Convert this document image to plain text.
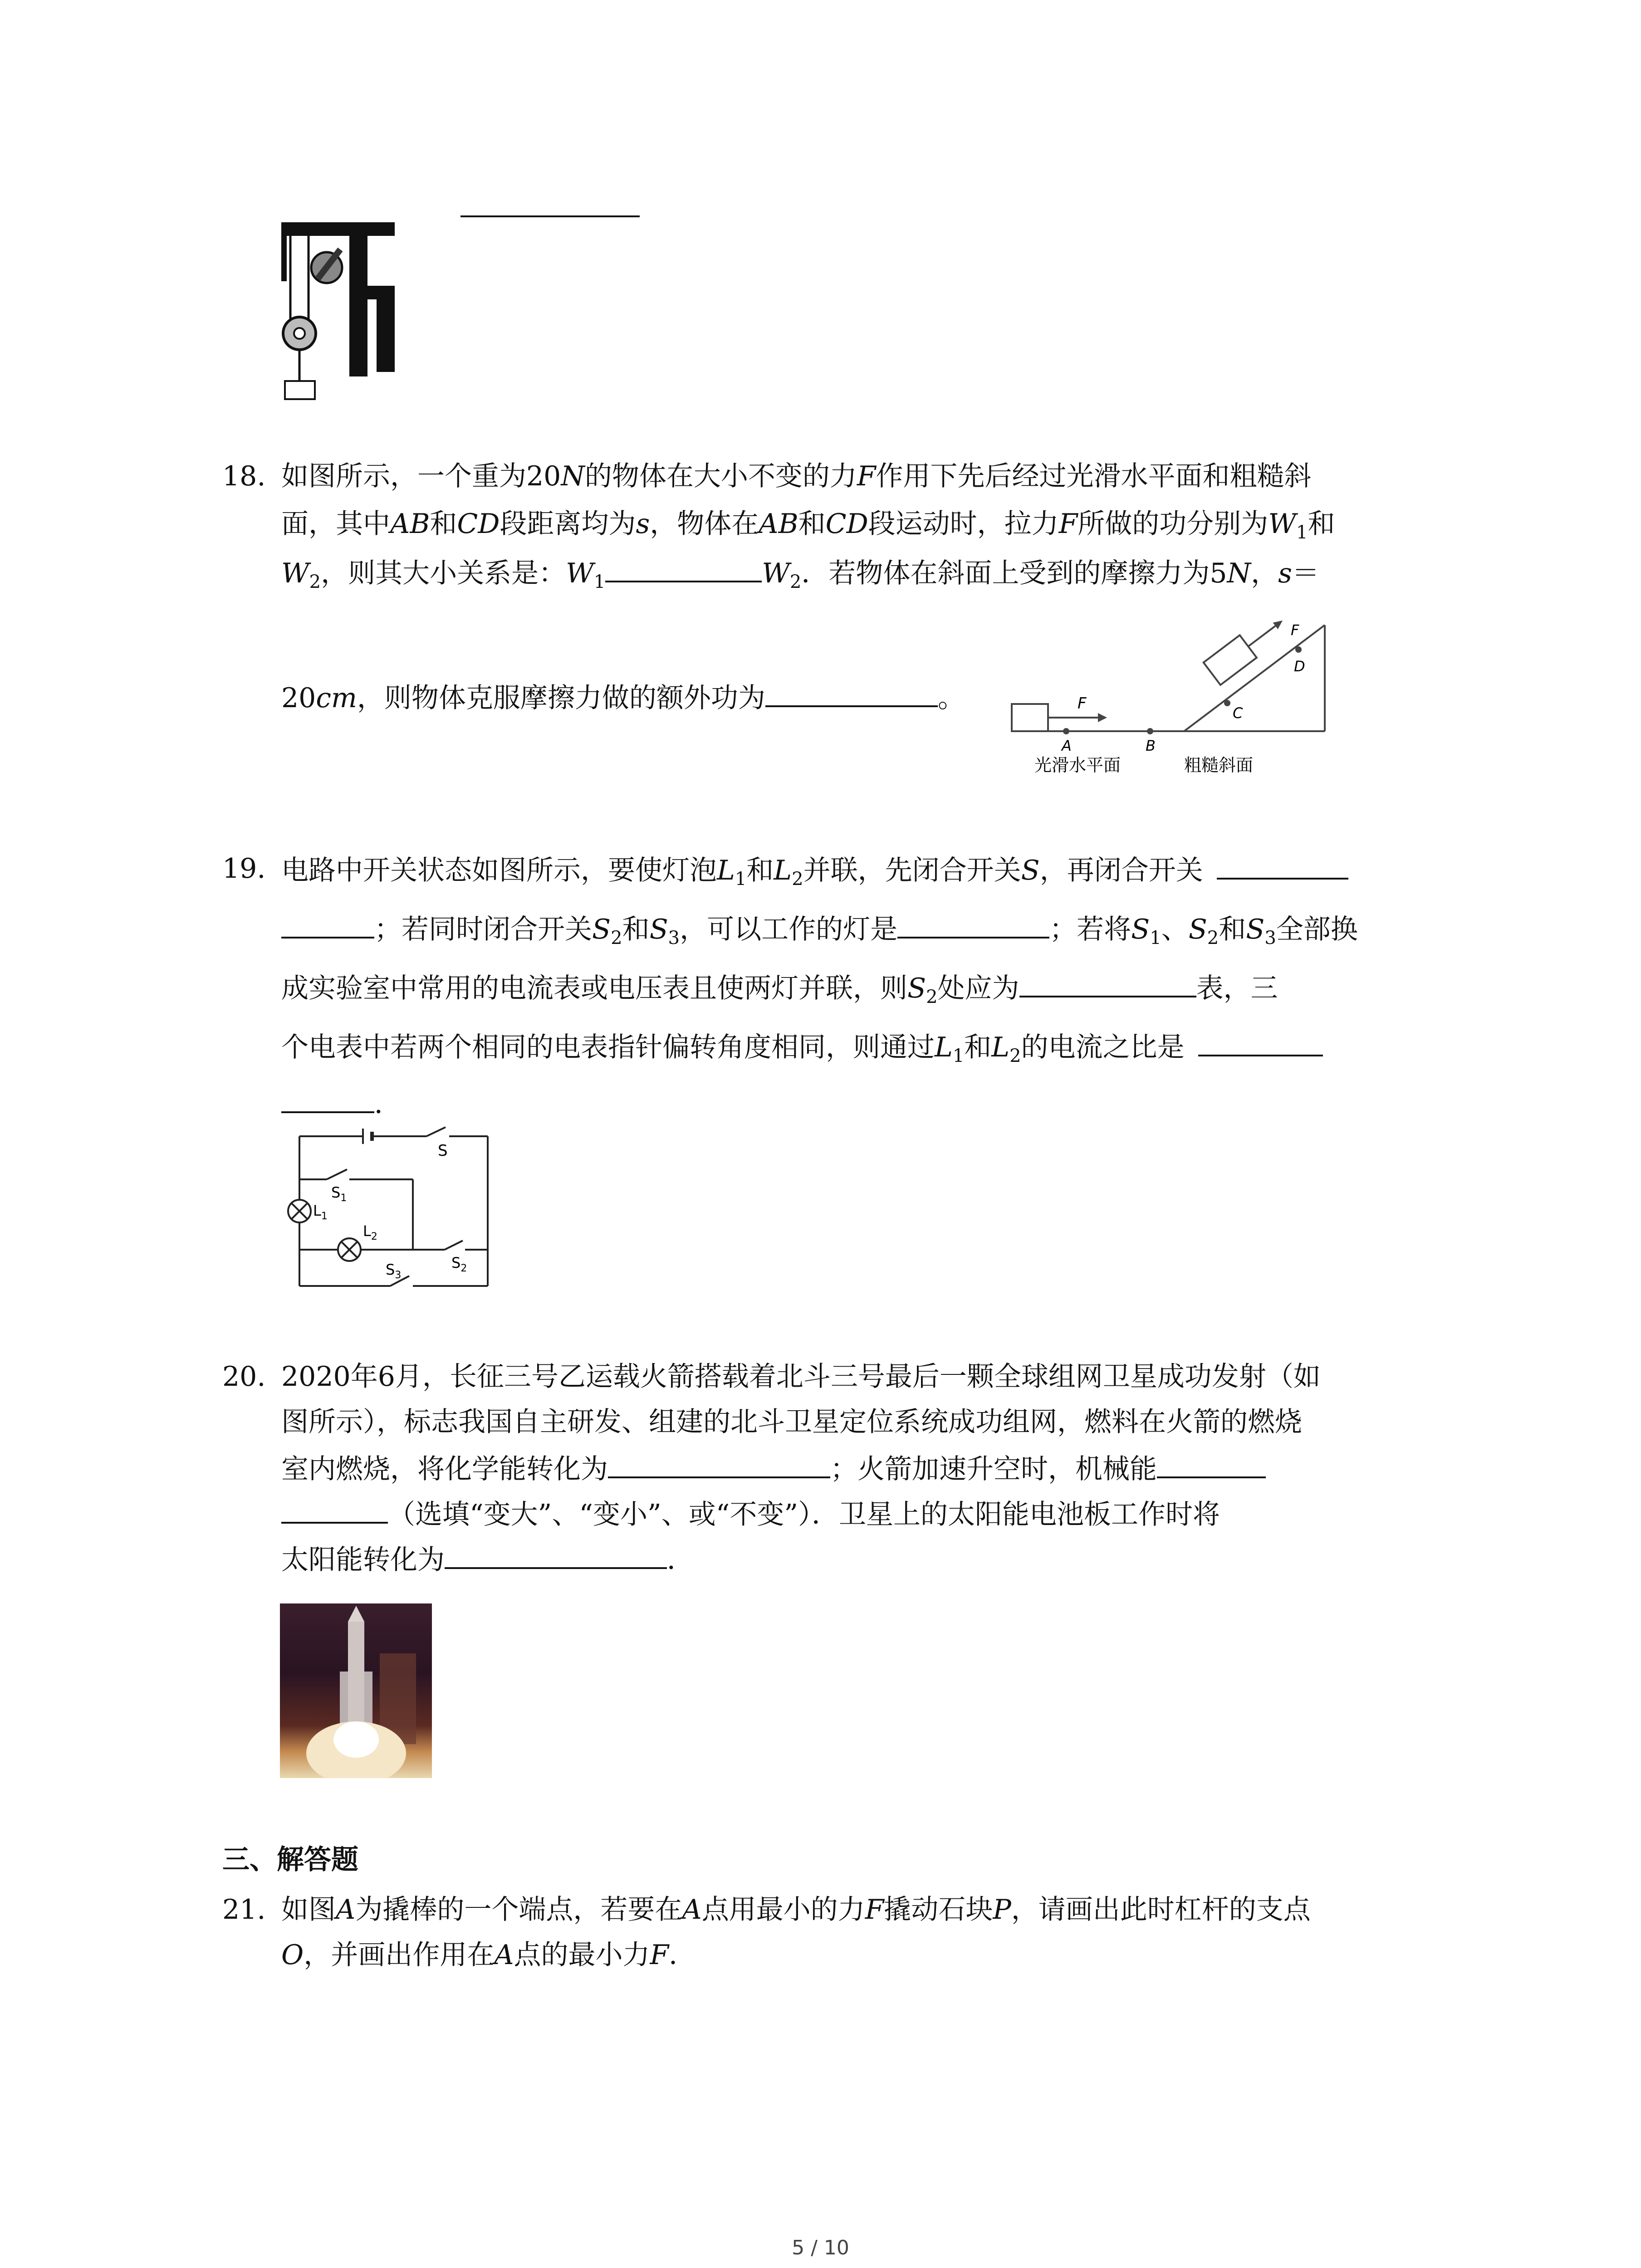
18. 如图所示，一个重为20N的物体在大小不变的力F作用下先后经过光滑水平面和粗糙斜
面，其中AB和CD段距离均为s，物体在AB和CD段运动时，拉力F所做的功分别为$W_1$和
$W_2$，则其大小关系是：$W_1$	$W_2$．若物体在斜面上受到的摩擦力为5N，s＝
20cm，则物体克服摩擦力做的额外功为	。	F
A	B
C
D
F
光滑水平面	粗糙斜面
19. 电路中开关状态如图所示，要使灯泡$L_1$和$L_2$并联，先闭合开关S，再闭合开关
；若同时闭合开关$S_2$和$S_3$，可以工作的灯是	；若将$S_1$、$S_2$和$S_3$全部换
成实验室中常用的电流表或电压表且使两灯并联，则$S_2$处应为	表，三
个电表中若两个相同的电表指针偏转角度相同，则通过$L_1$和$L_2$的电流之比是
．
S
$S_1$
$L_1$
$L_2$
$S_2$
$S_3$
20. 2020年6月，长征三号乙运载火箭搭载着北斗三号最后一颗全球组网卫星成功发射（如
图所示），标志我国自主研发、组建的北斗卫星定位系统成功组网，燃料在火箭的燃烧
室内燃烧，将化学能转化为	；火箭加速升空时，机械能
（选填“变大”、“变小”、或“不变”）．卫星上的太阳能电池板工作时将
太阳能转化为	．
三、解答题
21. 如图A为撬棒的一个端点，若要在A点用最小的力F撬动石块P，请画出此时杠杆的支点
O，并画出作用在A点的最小力F．
5 / 10
